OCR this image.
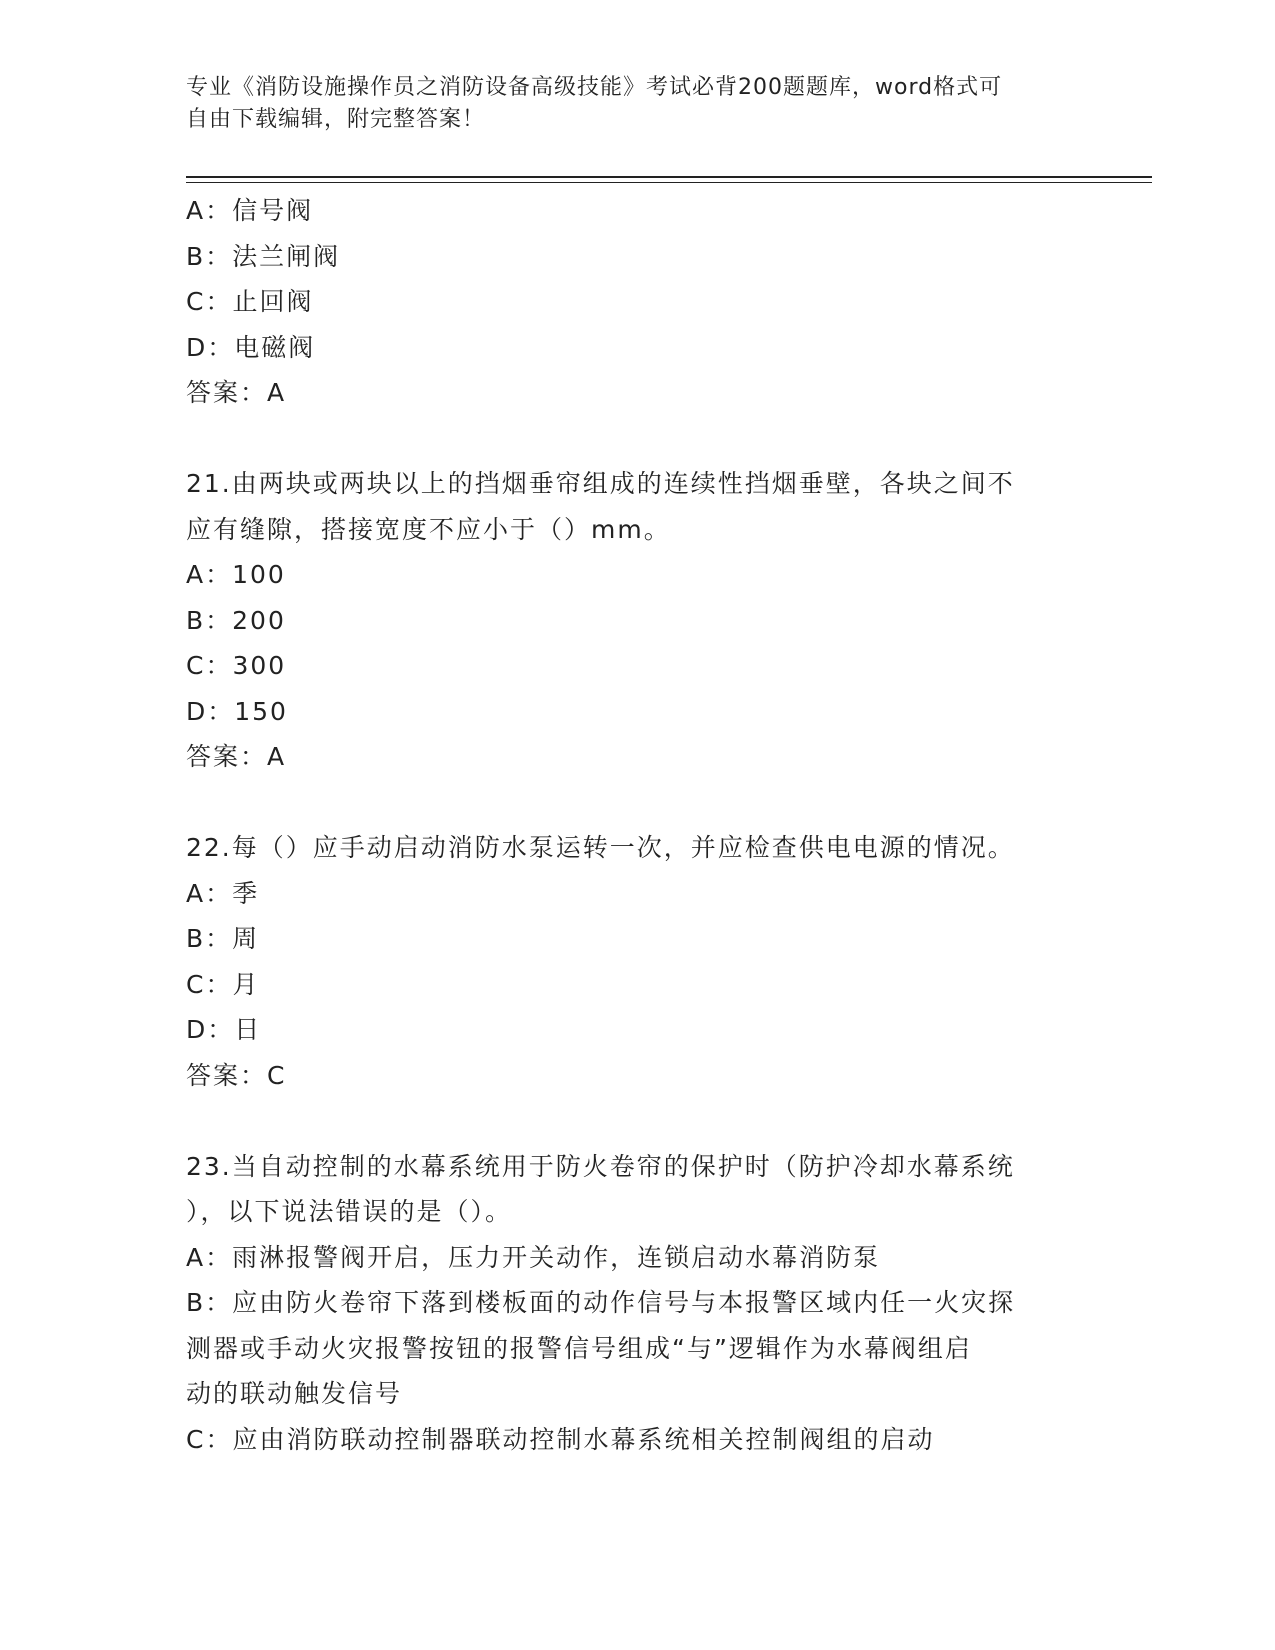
专业《消防设施操作员之消防设备高级技能》考试必背200题题库，word格式可
自由下载编辑，附完整答案！
A：信号阀
B：法兰闸阀
C：止回阀
D：电磁阀
答案：A
21.由两块或两块以上的挡烟垂帘组成的连续性挡烟垂壁，各块之间不
应有缝隙，搭接宽度不应小于（）mm。
A：100
B：200
C：300
D：150
答案：A
22.每（）应手动启动消防水泵运转一次，并应检查供电电源的情况。
A：季
B：周
C：月
D：日
答案：C
23.当自动控制的水幕系统用于防火卷帘的保护时（防护冷却水幕系统
），以下说法错误的是（）。
A：雨淋报警阀开启，压力开关动作，连锁启动水幕消防泵
B：应由防火卷帘下落到楼板面的动作信号与本报警区域内任一火灾探
测器或手动火灾报警按钮的报警信号组成“与”逻辑作为水幕阀组启
动的联动触发信号
C：应由消防联动控制器联动控制水幕系统相关控制阀组的启动
